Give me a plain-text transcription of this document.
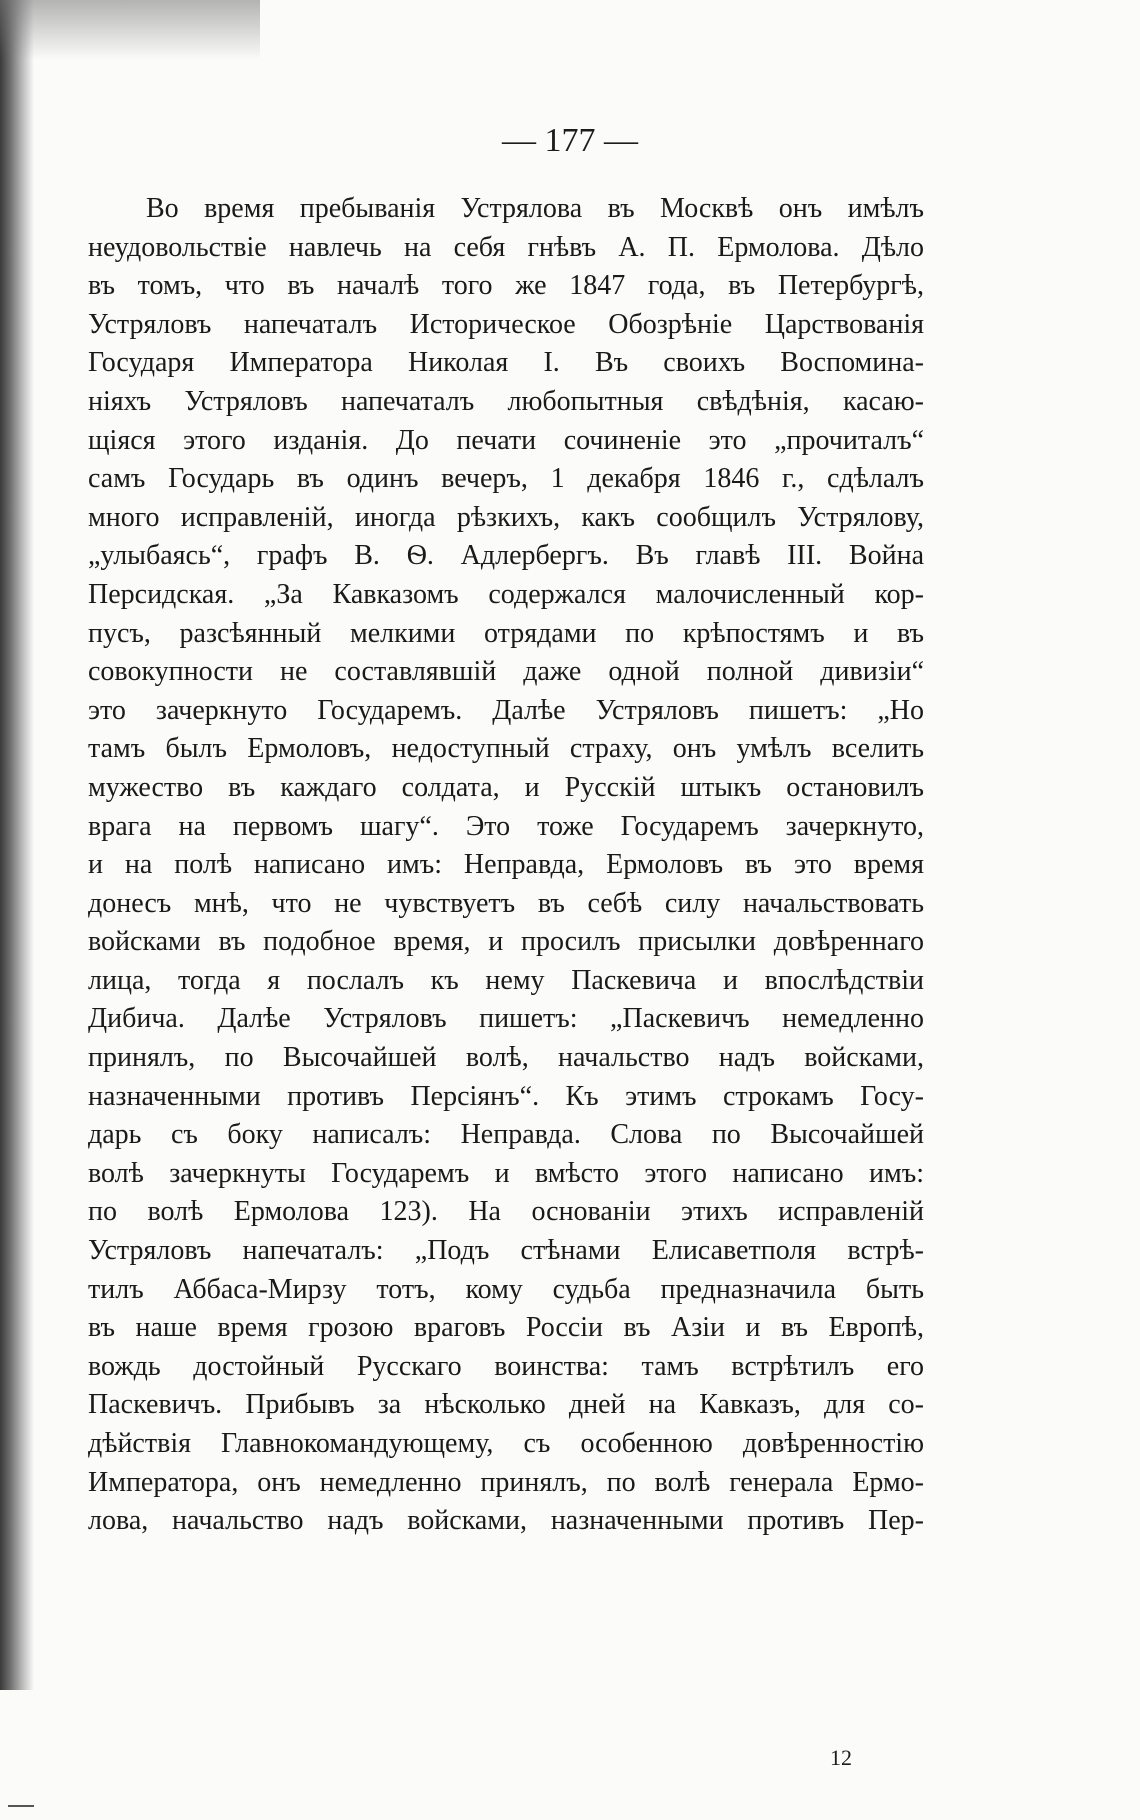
— 177 —
Во время пребыванія Устрялова въ Москвѣ онъ имѣлъ
неудовольствіе навлечь на себя гнѣвъ А. П. Ермолова. Дѣло
въ томъ, что въ началѣ того же 1847 года, въ Петербургѣ,
Устряловъ напечаталъ Историческое Обозрѣніе Царствованія
Государя Императора Николая I. Въ своихъ Воспомина-
ніяхъ Устряловъ напечаталъ любопытныя свѣдѣнія, касаю-
щіяся этого изданія. До печати сочиненіе это „прочиталъ“
самъ Государь въ одинъ вечеръ, 1 декабря 1846 г., сдѣлалъ
много исправленій, иногда рѣзкихъ, какъ сообщилъ Устрялову,
„улыбаясь“, графъ В. Ѳ. Адлербергъ. Въ главѣ III. Война
Персидская. „За Кавказомъ содержался малочисленный кор-
пусъ, разсѣянный мелкими отрядами по крѣпостямъ и въ
совокупности не составлявшій даже одной полной дивизіи“
это зачеркнуто Государемъ. Далѣе Устряловъ пишетъ: „Но
тамъ былъ Ермоловъ, недоступный страху, онъ умѣлъ вселить
мужество въ каждаго солдата, и Русскій штыкъ остановилъ
врага на первомъ шагу“. Это тоже Государемъ зачеркнуто,
и на полѣ написано имъ: Неправда, Ермоловъ въ это время
донесъ мнѣ, что не чувствуетъ въ себѣ силу начальствовать
войсками въ подобное время, и просилъ присылки довѣреннаго
лица, тогда я послалъ къ нему Паскевича и впослѣдствіи
Дибича. Далѣе Устряловъ пишетъ: „Паскевичъ немедленно
принялъ, по Высочайшей волѣ, начальство надъ войсками,
назначенными противъ Персіянъ“. Къ этимъ строкамъ Госу-
дарь съ боку написалъ: Неправда. Слова по Высочайшей
волѣ зачеркнуты Государемъ и вмѣсто этого написано имъ:
по волѣ Ермолова 123). На основаніи этихъ исправленій
Устряловъ напечаталъ: „Подъ стѣнами Елисаветполя встрѣ-
тилъ Аббаса-Мирзу тотъ, кому судьба предназначила быть
въ наше время грозою враговъ Россіи въ Азіи и въ Европѣ,
вождь достойный Русскаго воинства: тамъ встрѣтилъ его
Паскевичъ. Прибывъ за нѣсколько дней на Кавказъ, для со-
дѣйствія Главнокомандующему, съ особенною довѣренностію
Императора, онъ немедленно принялъ, по волѣ генерала Ермо-
лова, начальство надъ войсками, назначенными противъ Пер-
12
